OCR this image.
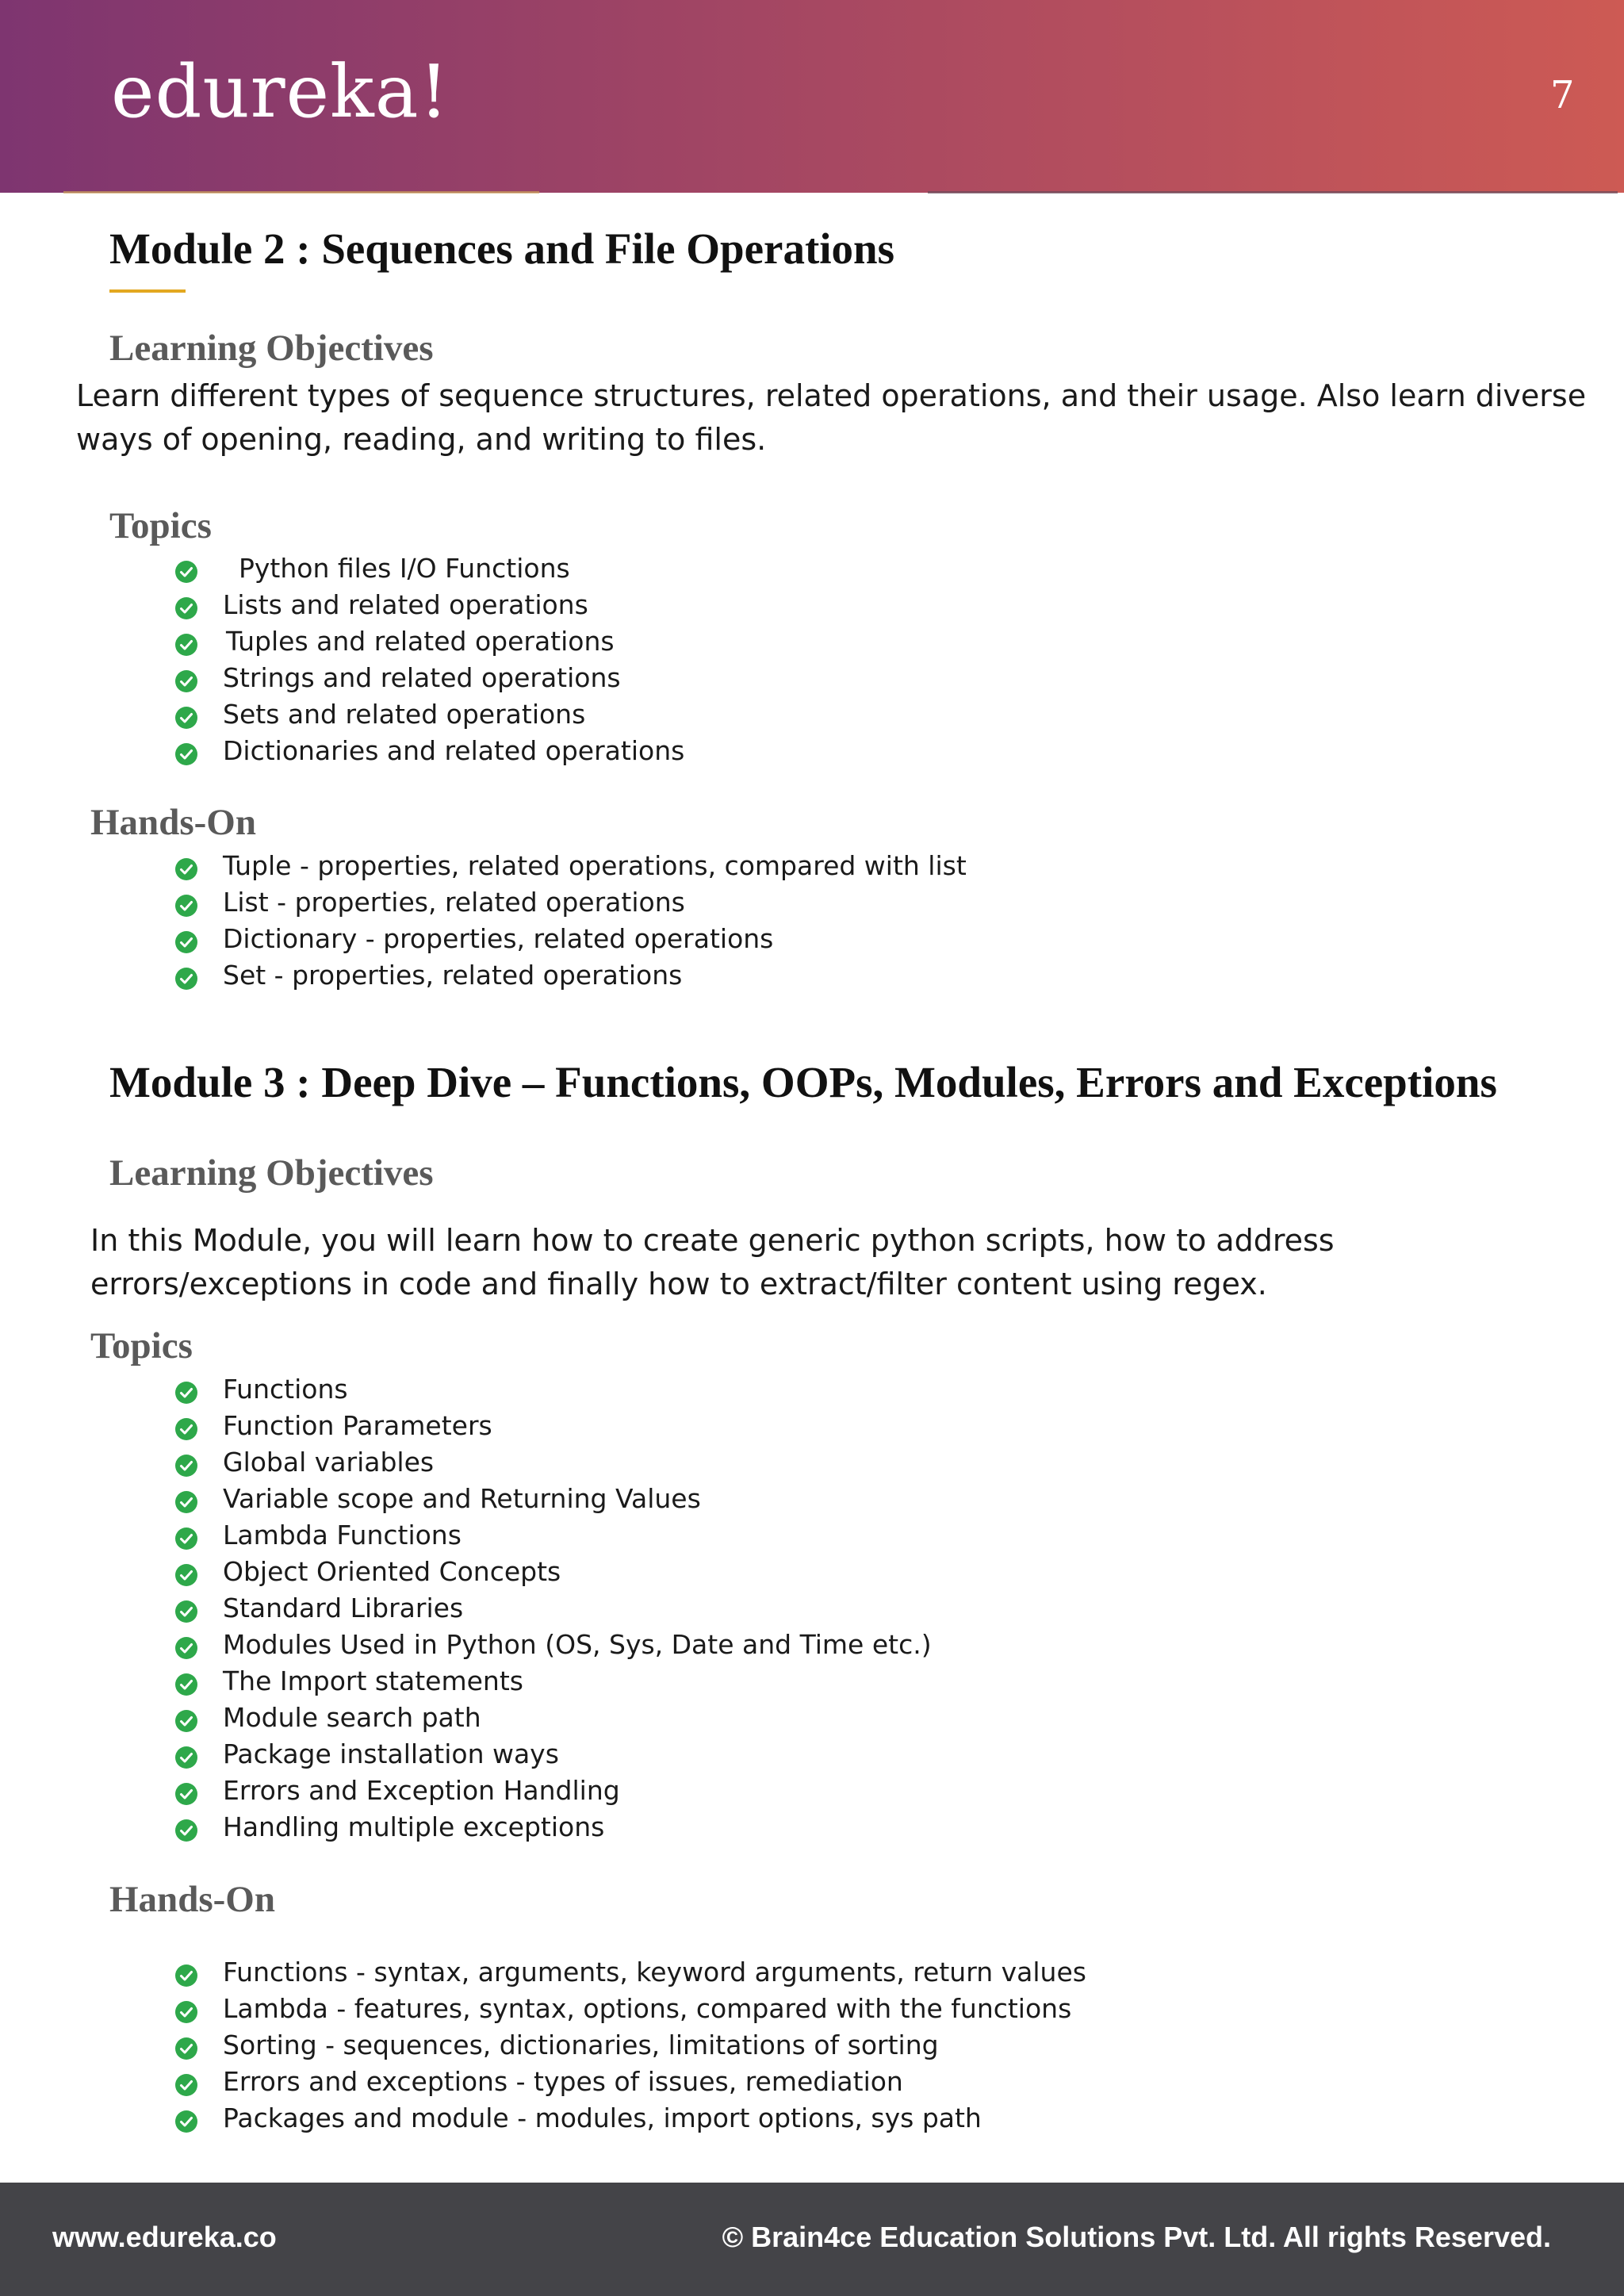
edureka!	7
Module 2 : Sequences and File Operations
Learning Objectives
Learn different types of sequence structures, related operations, and their usage. Also learn diverse ways of opening, reading, and writing to files.
Topics
Python files I/O Functions
Lists and related operations
Tuples and related operations
Strings and related operations
Sets and related operations
Dictionaries and related operations
Hands-On
Tuple - properties, related operations, compared with list
List - properties, related operations
Dictionary - properties, related operations
Set - properties, related operations
Module 3 : Deep Dive – Functions, OOPs, Modules, Errors and Exceptions
Learning Objectives
In this Module, you will learn how to create generic python scripts, how to address errors/exceptions in code and finally how to extract/filter content using regex.
Topics
Functions
Function Parameters
Global variables
Variable scope and Returning Values
Lambda Functions
Object Oriented Concepts
Standard Libraries
Modules Used in Python (OS, Sys, Date and Time etc.)
The Import statements
Module search path
Package installation ways
Errors and Exception Handling
Handling multiple exceptions
Hands-On
Functions - syntax, arguments, keyword arguments, return values
Lambda - features, syntax, options, compared with the functions
Sorting - sequences, dictionaries, limitations of sorting
Errors and exceptions - types of issues, remediation
Packages and module - modules, import options, sys path
www.edureka.co	© Brain4ce Education Solutions Pvt. Ltd. All rights Reserved.
